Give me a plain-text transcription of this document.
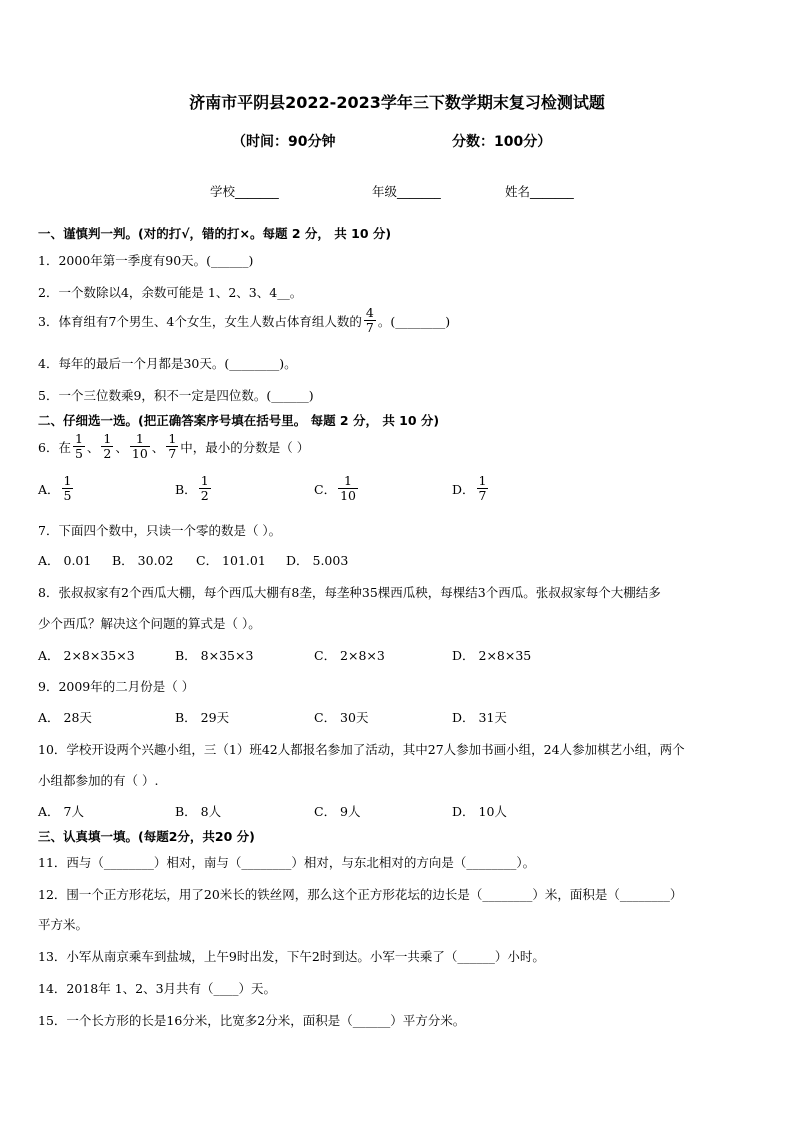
济南市平阴县2022-2023学年三下数学期末复习检测试题
（时间：90分钟	分数：100分）
学校_______	年级_______	姓名_______
一、谨慎判一判。(对的打√，错的打×。每题 2 分， 共 10 分)
1．2000年第一季度有90天。(______)
2．一个数除以4，余数可能是 1、2、3、4__。
3．体育组有7个男生、4个女生，女生人数占体育组人数的 $\frac{4}{7}$ 。(________)
4．每年的最后一个月都是30天。(________)。
5．一个三位数乘9，积不一定是四位数。(______)
二、仔细选一选。(把正确答案序号填在括号里。 每题 2 分， 共 10 分)
6．在 $\frac{1}{5}$ 、 $\frac{1}{2}$ 、 $\frac{1}{10}$ 、 $\frac{1}{7}$ 中，最小的分数是（ ）
A． $\frac{1}{5}$	B． $\frac{1}{2}$	C． $\frac{1}{10}$	D． $\frac{1}{7}$
7．下面四个数中，只读一个零的数是（ ）。
A． 0.01 B． 30.02 C． 101.01 D． 5.003
8．张叔叔家有2个西瓜大棚，每个西瓜大棚有8垄，每垄种35棵西瓜秧，每棵结3个西瓜。张叔叔家每个大棚结多
少个西瓜？解决这个问题的算式是（ ）。
A． 2×8×35×3	B． 8×35×3	C． 2×8×3	D． 2×8×35
9．2009年的二月份是（ ）
A． 28天	B． 29天	C． 30天	D． 31天
10．学校开设两个兴趣小组，三（1）班42人都报名参加了活动，其中27人参加书画小组，24人参加棋艺小组，两个
小组都参加的有（ ）.
A． 7人	B． 8人	C． 9人	D． 10人
三、认真填一填。(每题2分，共20 分)
11．西与（________）相对，南与（________）相对，与东北相对的方向是（________）。
12．围一个正方形花坛，用了20米长的铁丝网，那么这个正方形花坛的边长是（________）米，面积是（________）
平方米。
13．小军从南京乘车到盐城，上午9时出发，下午2时到达。小军一共乘了（______）小时。
14．2018年 1、2、3月共有（____）天。
15．一个长方形的长是16分米，比宽多2分米，面积是（______）平方分米。
